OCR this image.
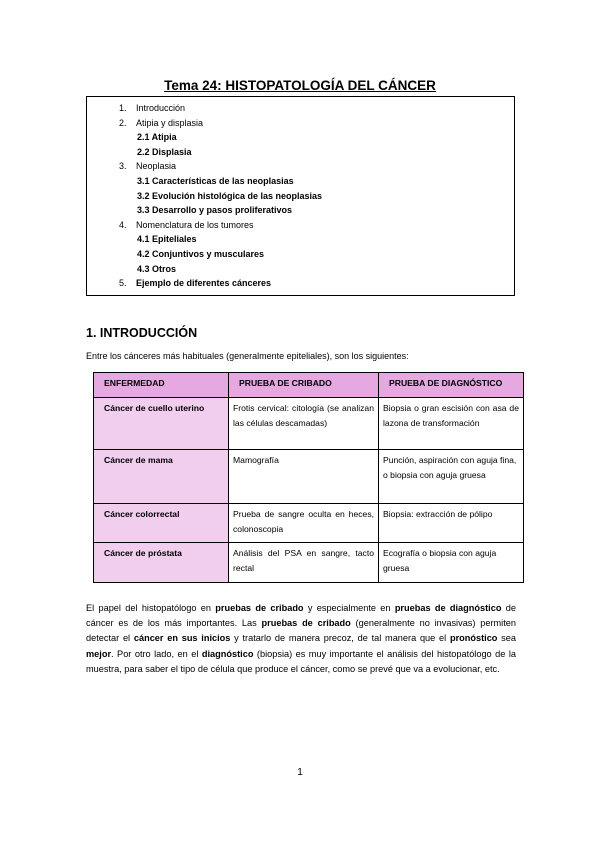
Tema 24: HISTOPATOLOGÍA DEL CÁNCER
1. Introducción
2. Atipia y displasia
2.1 Atipia
2.2 Displasia
3. Neoplasia
3.1 Características de las neoplasias
3.2 Evolución histológica de las neoplasias
3.3 Desarrollo y pasos proliferativos
4. Nomenclatura de los tumores
4.1 Epiteliales
4.2 Conjuntivos y musculares
4.3 Otros
5. Ejemplo de diferentes cánceres
1. INTRODUCCIÓN
Entre los cánceres más habituales (generalmente epiteliales), son los siguientes:
ENFERMEDAD	PRUEBA DE CRIBADO	PRUEBA DE DIAGNÓSTICO
Cáncer de cuello uterino	Frotis cervical: citología (se analizan las células descamadas)	Biopsia o gran escisión con asa de lazona de transformación
Cáncer de mama	Mamografía	Punción, aspiración con aguja fina, o biopsia con aguja gruesa
Cáncer colorrectal	Prueba de sangre oculta en heces, colonoscopia	Biopsia: extracción de pólipo
Cáncer de próstata	Análisis del PSA en sangre, tacto rectal	Ecografía o biopsia con aguja gruesa
El papel del histopatólogo en pruebas de cribado y especialmente en pruebas de diagnóstico de cáncer es de los más importantes. Las pruebas de cribado (generalmente no invasivas) permiten detectar el cáncer en sus inicios y tratarlo de manera precoz, de tal manera que el pronóstico sea mejor. Por otro lado, en el diagnóstico (biopsia) es muy importante el análisis del histopatólogo de la muestra, para saber el tipo de célula que produce el cáncer, como se prevé que va a evolucionar, etc.
1
